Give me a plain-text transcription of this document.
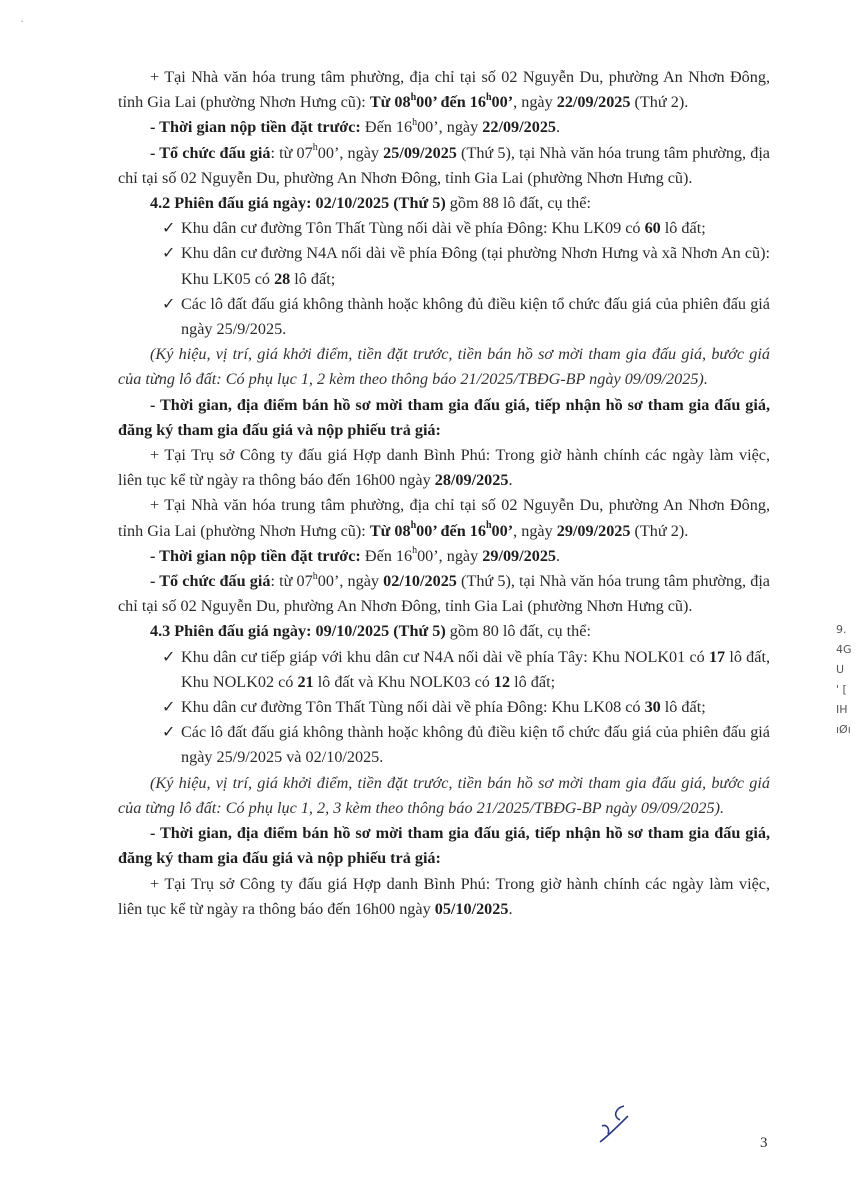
·

+ Tại Nhà văn hóa trung tâm phường, địa chỉ tại số 02 Nguyễn Du, phường An Nhơn Đông, tỉnh Gia Lai (phường Nhơn Hưng cũ): Từ 08$^h$00’ đến 16$^h$00’, ngày 22/09/2025 (Thứ 2).

- Thời gian nộp tiền đặt trước: Đến 16$^h$00’, ngày 22/09/2025.

- Tổ chức đấu giá: từ 07$^h$00’, ngày 25/09/2025 (Thứ 5), tại Nhà văn hóa trung tâm phường, địa chỉ tại số 02 Nguyễn Du, phường An Nhơn Đông, tỉnh Gia Lai (phường Nhơn Hưng cũ).

4.2 Phiên đấu giá ngày: 02/10/2025 (Thứ 5) gồm 88 lô đất, cụ thể:

✓ Khu dân cư đường Tôn Thất Tùng nối dài về phía Đông: Khu LK09 có 60 lô đất;

✓ Khu dân cư đường N4A nối dài về phía Đông (tại phường Nhơn Hưng và xã Nhơn An cũ): Khu LK05 có 28 lô đất;

✓ Các lô đất đấu giá không thành hoặc không đủ điều kiện tổ chức đấu giá của phiên đấu giá ngày 25/9/2025.

(Ký hiệu, vị trí, giá khởi điểm, tiền đặt trước, tiền bán hồ sơ mời tham gia đấu giá, bước giá của từng lô đất: Có phụ lục 1, 2 kèm theo thông báo 21/2025/TBĐG-BP ngày 09/09/2025).

- Thời gian, địa điểm bán hồ sơ mời tham gia đấu giá, tiếp nhận hồ sơ tham gia đấu giá, đăng ký tham gia đấu giá và nộp phiếu trả giá:

+ Tại Trụ sở Công ty đấu giá Hợp danh Bình Phú: Trong giờ hành chính các ngày làm việc, liên tục kể từ ngày ra thông báo đến 16h00 ngày 28/09/2025.

+ Tại Nhà văn hóa trung tâm phường, địa chỉ tại số 02 Nguyễn Du, phường An Nhơn Đông, tỉnh Gia Lai (phường Nhơn Hưng cũ): Từ 08$^h$00’ đến 16$^h$00’, ngày 29/09/2025 (Thứ 2).

- Thời gian nộp tiền đặt trước: Đến 16$^h$00’, ngày 29/09/2025.

- Tổ chức đấu giá: từ 07$^h$00’, ngày 02/10/2025 (Thứ 5), tại Nhà văn hóa trung tâm phường, địa chỉ tại số 02 Nguyễn Du, phường An Nhơn Đông, tỉnh Gia Lai (phường Nhơn Hưng cũ).

4.3 Phiên đấu giá ngày: 09/10/2025 (Thứ 5) gồm 80 lô đất, cụ thể:

✓ Khu dân cư tiếp giáp với khu dân cư N4A nối dài về phía Tây: Khu NOLK01 có 17 lô đất, Khu NOLK02 có 21 lô đất và Khu NOLK03 có 12 lô đất;

✓ Khu dân cư đường Tôn Thất Tùng nối dài về phía Đông: Khu LK08 có 30 lô đất;

✓ Các lô đất đấu giá không thành hoặc không đủ điều kiện tổ chức đấu giá của phiên đấu giá ngày 25/9/2025 và 02/10/2025.

(Ký hiệu, vị trí, giá khởi điểm, tiền đặt trước, tiền bán hồ sơ mời tham gia đấu giá, bước giá của từng lô đất: Có phụ lục 1, 2, 3 kèm theo thông báo 21/2025/TBĐG-BP ngày 09/09/2025).

- Thời gian, địa điểm bán hồ sơ mời tham gia đấu giá, tiếp nhận hồ sơ tham gia đấu giá, đăng ký tham gia đấu giá và nộp phiếu trả giá:

+ Tại Trụ sở Công ty đấu giá Hợp danh Bình Phú: Trong giờ hành chính các ngày làm việc, liên tục kể từ ngày ra thông báo đến 16h00 ngày 05/10/2025.

3
9.
4G
U
' [
IH
ıØı
